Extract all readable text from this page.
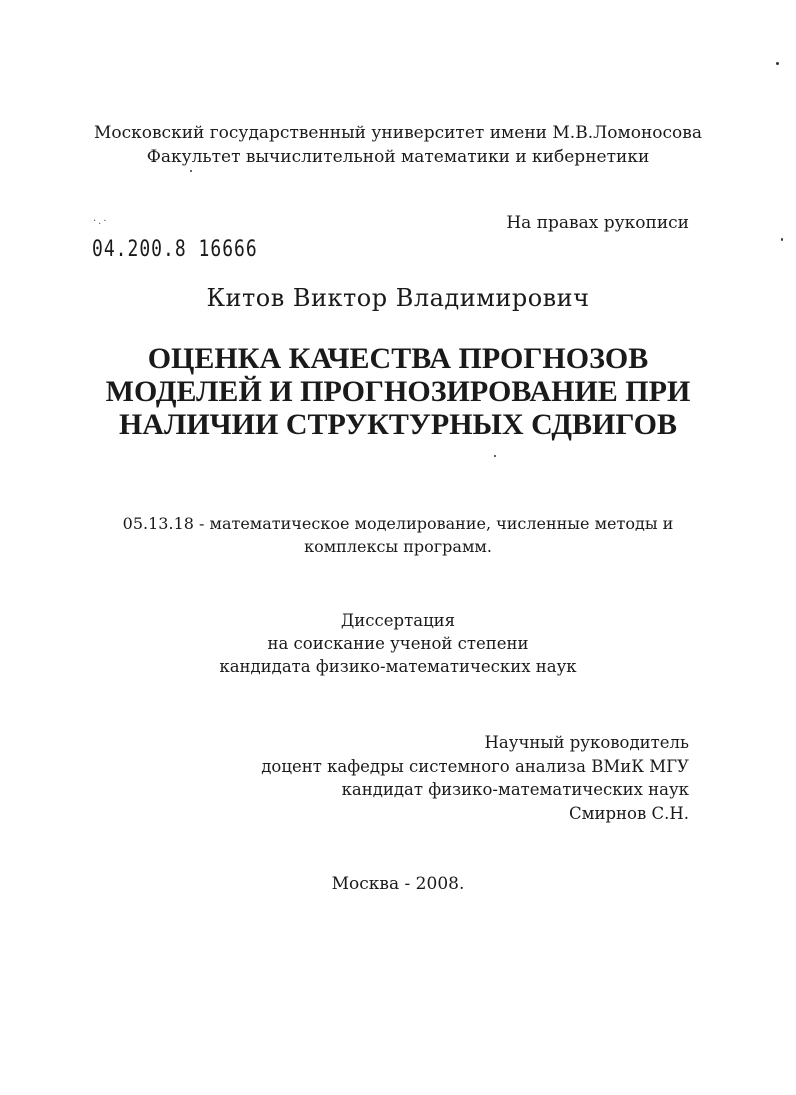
Московский государственный университет имени М.В.Ломоносова
Факультет вычислительной математики и кибернетики
На правах рукописи
·.·
04.200.8 16666
Китов Виктор Владимирович
ОЦЕНКА КАЧЕСТВА ПРОГНОЗОВ
МОДЕЛЕЙ И ПРОГНОЗИРОВАНИЕ ПРИ
НАЛИЧИИ СТРУКТУРНЫХ СДВИГОВ
05.13.18 - математическое моделирование, численные методы и
комплексы программ.
Диссертация
на соискание ученой степени
кандидата физико-математических наук
Научный руководитель
доцент кафедры системного анализа ВМиК МГУ
кандидат физико-математических наук
Смирнов С.Н.
Москва - 2008.
